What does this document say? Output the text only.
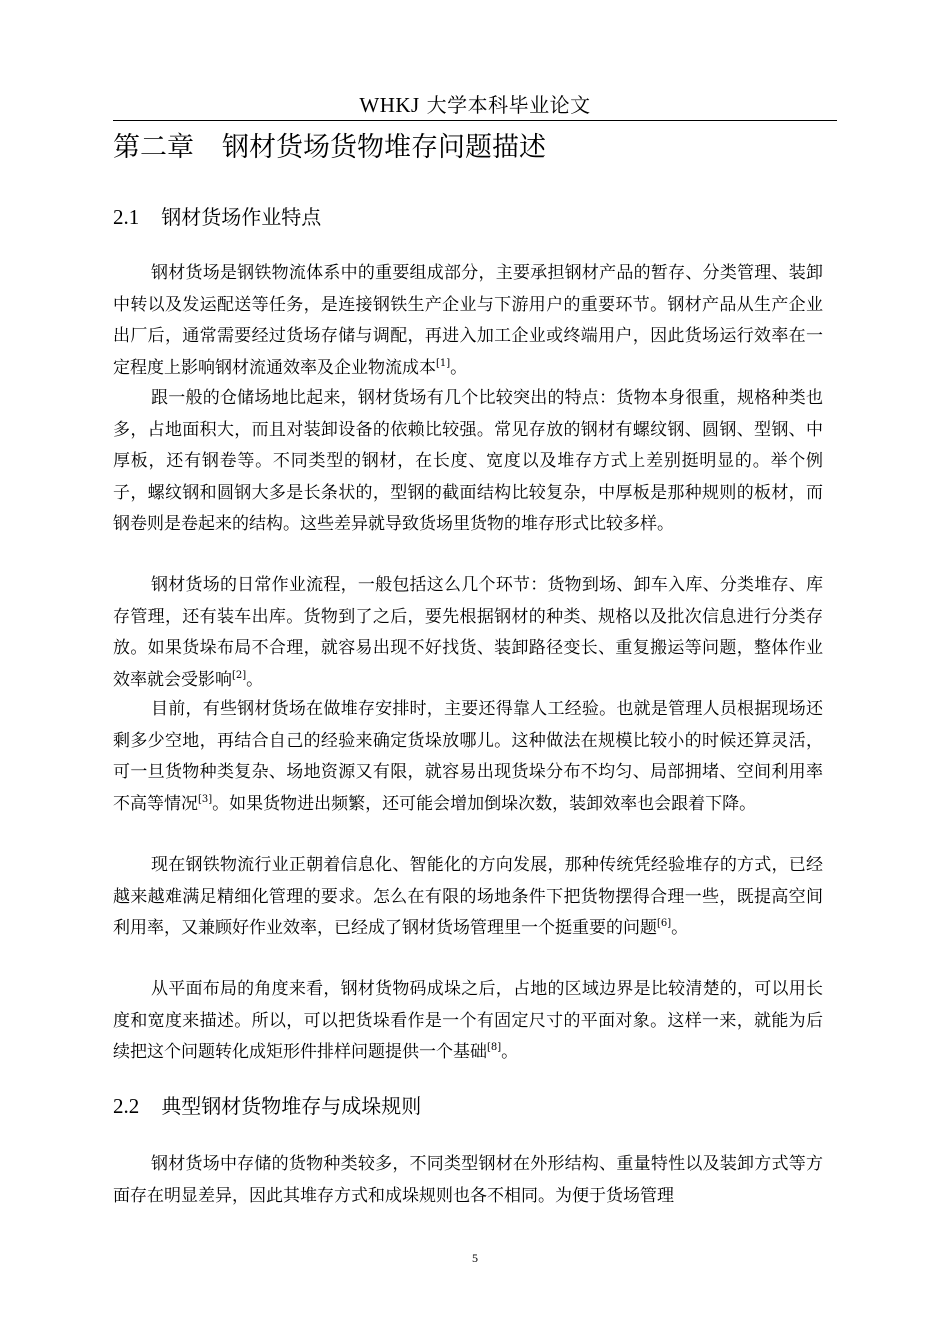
WHKJ 大学本科毕业论文
第二章 钢材货场货物堆存问题描述
2.1 钢材货场作业特点

钢材货场是钢铁物流体系中的重要组成部分，主要承担钢材产品的暂存、分类管理、装卸中转以及发运配送等任务，是连接钢铁生产企业与下游用户的重要环节。钢材产品从生产企业出厂后，通常需要经过货场存储与调配，再进入加工企业或终端用户，因此货场运行效率在一定程度上影响钢材流通效率及企业物流成本[1]。

跟一般的仓储场地比起来，钢材货场有几个比较突出的特点：货物本身很重，规格种类也多，占地面积大，而且对装卸设备的依赖比较强。常见存放的钢材有螺纹钢、圆钢、型钢、中厚板，还有钢卷等。不同类型的钢材，在长度、宽度以及堆存方式上差别挺明显的。举个例子，螺纹钢和圆钢大多是长条状的，型钢的截面结构比较复杂，中厚板是那种规则的板材，而钢卷则是卷起来的结构。这些差异就导致货场里货物的堆存形式比较多样。

钢材货场的日常作业流程，一般包括这么几个环节：货物到场、卸车入库、分类堆存、库存管理，还有装车出库。货物到了之后，要先根据钢材的种类、规格以及批次信息进行分类存放。如果货垛布局不合理，就容易出现不好找货、装卸路径变长、重复搬运等问题，整体作业效率就会受影响[2]。

目前，有些钢材货场在做堆存安排时，主要还得靠人工经验。也就是管理人员根据现场还剩多少空地，再结合自己的经验来确定货垛放哪儿。这种做法在规模比较小的时候还算灵活，可一旦货物种类复杂、场地资源又有限，就容易出现货垛分布不均匀、局部拥堵、空间利用率不高等情况[3]。如果货物进出频繁，还可能会增加倒垛次数，装卸效率也会跟着下降。

现在钢铁物流行业正朝着信息化、智能化的方向发展，那种传统凭经验堆存的方式，已经越来越难满足精细化管理的要求。怎么在有限的场地条件下把货物摆得合理一些，既提高空间利用率，又兼顾好作业效率，已经成了钢材货场管理里一个挺重要的问题[6]。

从平面布局的角度来看，钢材货物码成垛之后，占地的区域边界是比较清楚的，可以用长度和宽度来描述。所以，可以把货垛看作是一个有固定尺寸的平面对象。这样一来，就能为后续把这个问题转化成矩形件排样问题提供一个基础[8]。

2.2 典型钢材货物堆存与成垛规则

钢材货场中存储的货物种类较多，不同类型钢材在外形结构、重量特性以及装卸方式等方面存在明显差异，因此其堆存方式和成垛规则也各不相同。为便于货场管理

5
